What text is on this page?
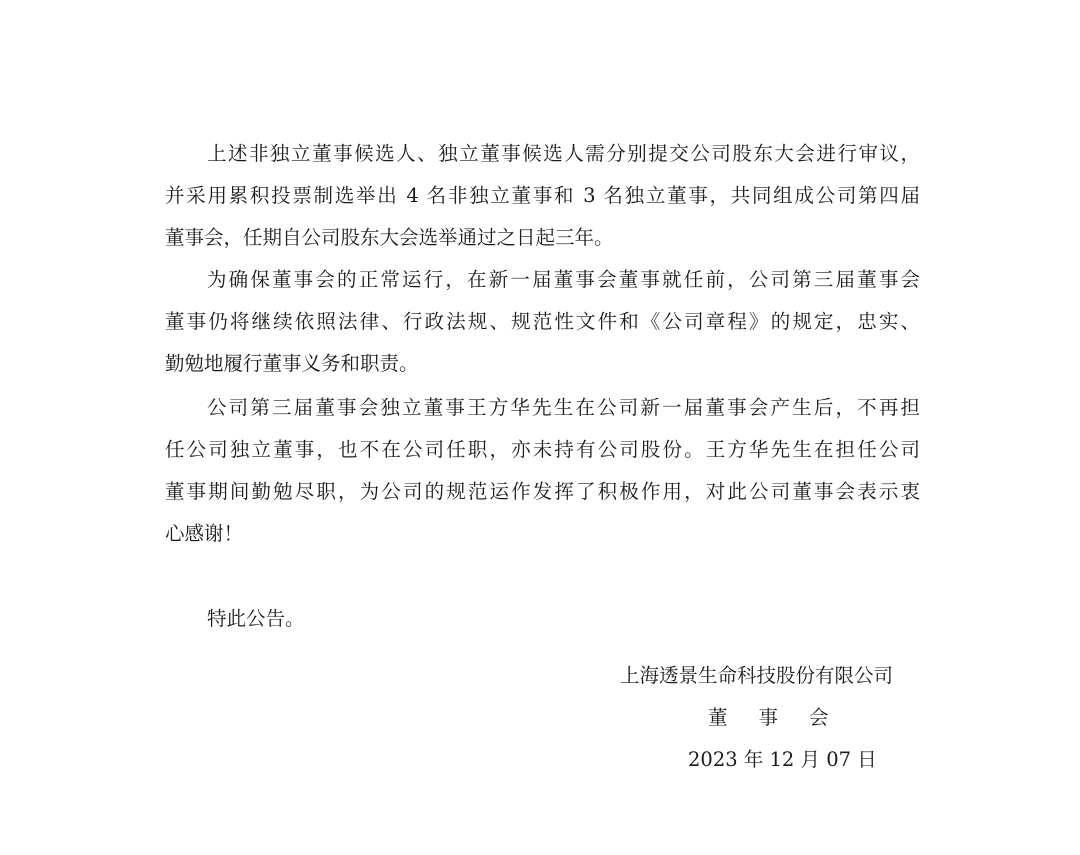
上述非独立董事候选人、独立董事候选人需分别提交公司股东大会进行审议，
并采用累积投票制选举出 4 名非独立董事和 3 名独立董事，共同组成公司第四届
董事会，任期自公司股东大会选举通过之日起三年。
为确保董事会的正常运行，在新一届董事会董事就任前，公司第三届董事会
董事仍将继续依照法律、行政法规、规范性文件和《公司章程》的规定，忠实、
勤勉地履行董事义务和职责。
公司第三届董事会独立董事王方华先生在公司新一届董事会产生后，不再担
任公司独立董事，也不在公司任职，亦未持有公司股份。王方华先生在担任公司
董事期间勤勉尽职，为公司的规范运作发挥了积极作用，对此公司董事会表示衷
心感谢！
特此公告。
上海透景生命科技股份有限公司
董事会
2023 年 12 月 07 日
